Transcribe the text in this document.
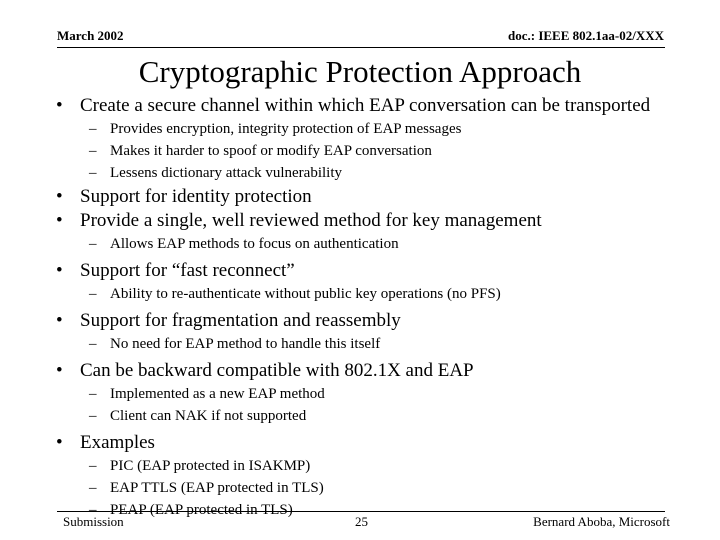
March 2002	doc.: IEEE 802.1aa-02/XXX
Cryptographic Protection Approach
• Create a secure channel within which EAP conversation can be transported
– Provides encryption, integrity protection of EAP messages
– Makes it harder to spoof or modify EAP conversation
– Lessens dictionary attack vulnerability
• Support for identity protection
• Provide a single, well reviewed method for key management
– Allows EAP methods to focus on authentication
• Support for “fast reconnect”
– Ability to re-authenticate without public key operations (no PFS)
• Support for fragmentation and reassembly
– No need for EAP method to handle this itself
• Can be backward compatible with 802.1X and EAP
– Implemented as a new EAP method
– Client can NAK if not supported
• Examples
– PIC (EAP protected in ISAKMP)
– EAP TTLS (EAP protected in TLS)
– PEAP (EAP protected in TLS)
Submission	25	Bernard Aboba, Microsoft
